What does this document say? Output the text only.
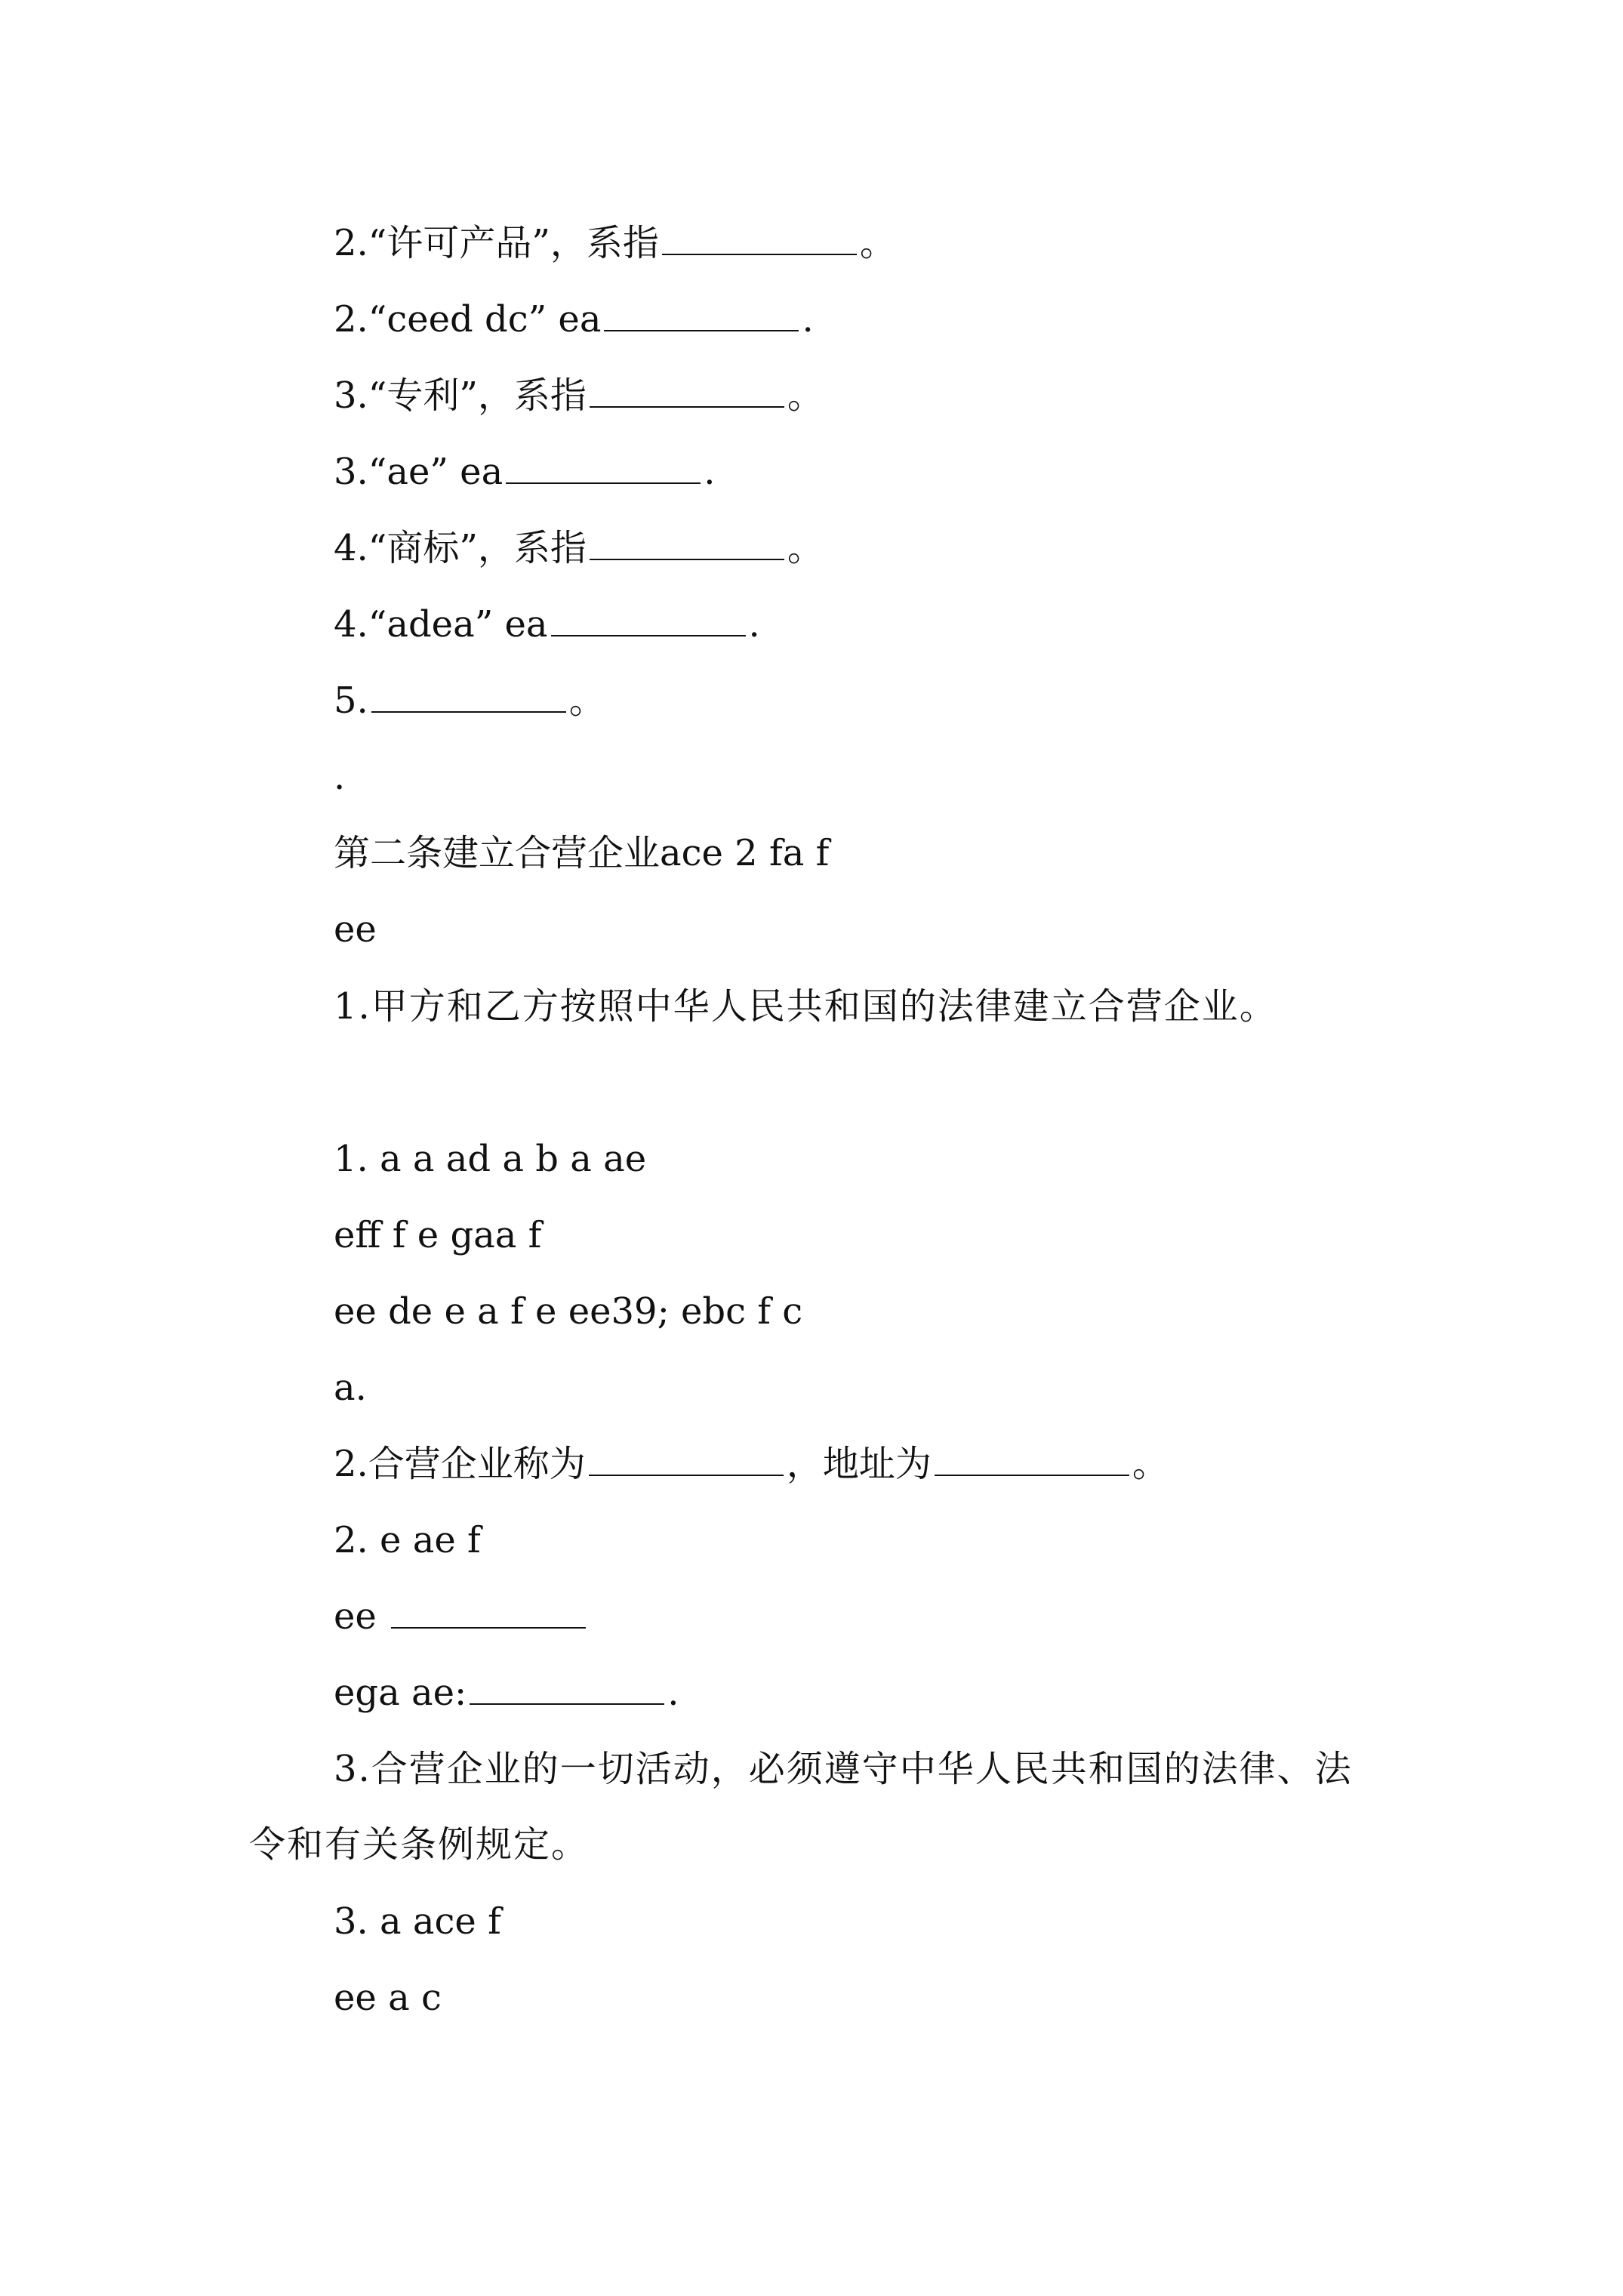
2.“许可产品”，系指	。
2.“ceed dc” ea	.
3.“专利”，系指	。
3.“ae” ea	.
4.“商标”，系指	。
4.“adea” ea	.
5.	。
.
第二条建立合营企业ace 2 fa f
ee
1.甲方和乙方按照中华人民共和国的法律建立合营企业。
1. a a ad a b a ae
eff f e gaa f
ee de e a f e ee39; ebc f c
a.
2.合营企业称为	，地址为	。
2. e ae f
ee
ega ae:	.
3.合营企业的一切活动，必须遵守中华人民共和国的法律、法令和有关条例规定。
3. a ace f
ee a c
